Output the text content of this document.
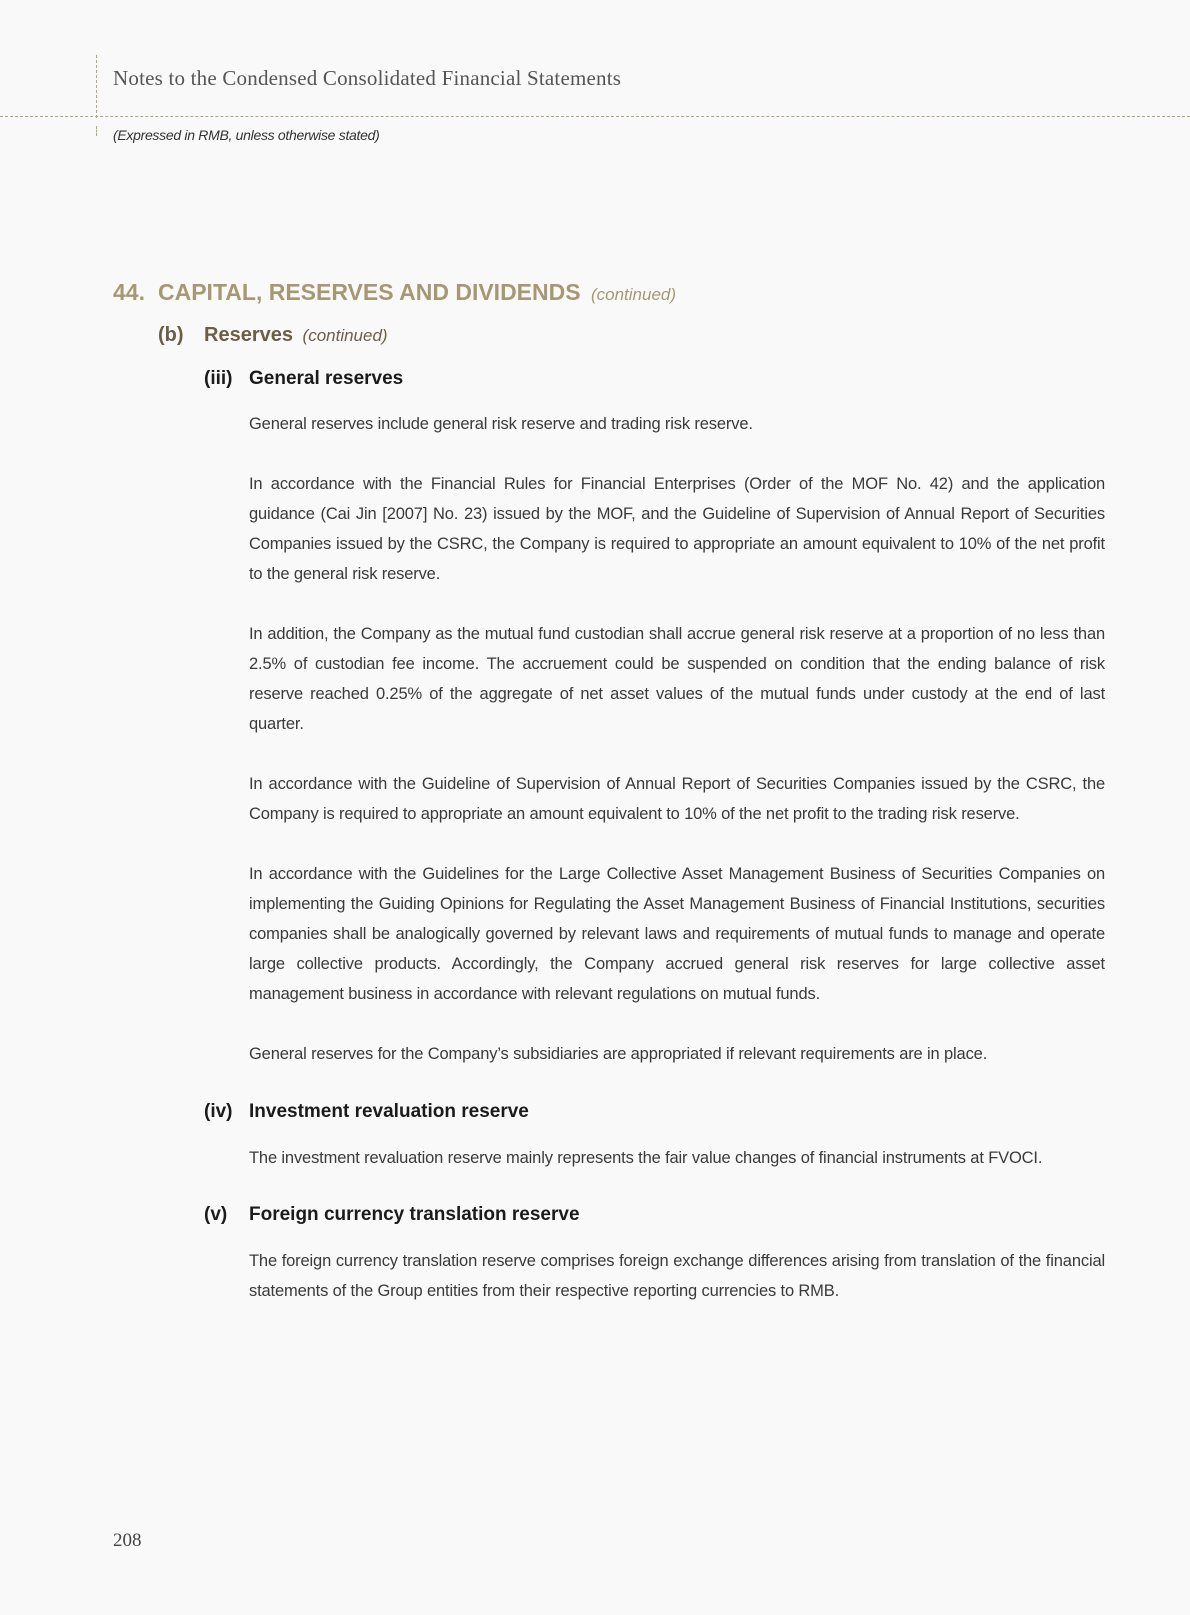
Notes to the Condensed Consolidated Financial Statements
(Expressed in RMB, unless otherwise stated)
44. CAPITAL, RESERVES AND DIVIDENDS (continued)
(b) Reserves (continued)
(iii) General reserves

General reserves include general risk reserve and trading risk reserve.

In accordance with the Financial Rules for Financial Enterprises (Order of the MOF No. 42) and the application guidance (Cai Jin [2007] No. 23) issued by the MOF, and the Guideline of Supervision of Annual Report of Securities Companies issued by the CSRC, the Company is required to appropriate an amount equivalent to 10% of the net profit to the general risk reserve.

In addition, the Company as the mutual fund custodian shall accrue general risk reserve at a proportion of no less than 2.5% of custodian fee income. The accruement could be suspended on condition that the ending balance of risk reserve reached 0.25% of the aggregate of net asset values of the mutual funds under custody at the end of last quarter.

In accordance with the Guideline of Supervision of Annual Report of Securities Companies issued by the CSRC, the Company is required to appropriate an amount equivalent to 10% of the net profit to the trading risk reserve.

In accordance with the Guidelines for the Large Collective Asset Management Business of Securities Companies on implementing the Guiding Opinions for Regulating the Asset Management Business of Financial Institutions, securities companies shall be analogically governed by relevant laws and requirements of mutual funds to manage and operate large collective products. Accordingly, the Company accrued general risk reserves for large collective asset management business in accordance with relevant regulations on mutual funds.

General reserves for the Company’s subsidiaries are appropriated if relevant requirements are in place.

(iv) Investment revaluation reserve

The investment revaluation reserve mainly represents the fair value changes of financial instruments at FVOCI.

(v) Foreign currency translation reserve

The foreign currency translation reserve comprises foreign exchange differences arising from translation of the financial statements of the Group entities from their respective reporting currencies to RMB.

208
